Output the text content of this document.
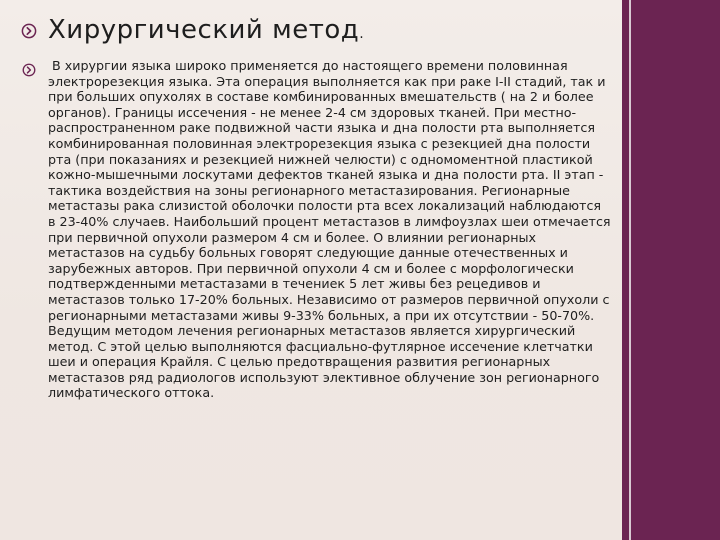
Хирургический метод.

В хирургии языка широко применяется до настоящего времени половинная электрорезекция языка. Эта операция выполняется как при раке I-II стадий, так и при больших опухолях в составе комбинированных вмешательств ( на 2 и более органов). Границы иссечения - не менее 2-4 см здоровых тканей. При местно-распространенном раке подвижной части языка и дна полости рта выполняется комбинированная половинная электрорезекция языка с резекцией дна полости рта (при показаниях и резекцией нижней челюсти) с одномоментной пластикой кожно-мышечными лоскутами дефектов тканей языка и дна полости рта. II этап - тактика воздействия на зоны регионарного метастазирования. Регионарные метастазы рака слизистой оболочки полости рта всех локализаций наблюдаются в 23-40% случаев. Наибольший процент метастазов в лимфоузлах шеи отмечается при первичной опухоли размером 4 см и более. О влиянии регионарных метастазов на судьбу больных говорят следующие данные отечественных и зарубежных авторов. При первичной опухоли 4 см и более с морфологически подтвержденными метастазами в течениек 5 лет живы без рецедивов и метастазов только 17-20% больных. Независимо от размеров первичной опухоли с регионарными метастазами живы 9-33% больных, а при их отсутствии - 50-70%. Ведущим методом лечения регионарных метастазов является хирургический метод. С этой целью выполняются фасциально-футлярное иссечение клетчатки шеи и операция Крайля. С целью предотвращения развития регионарных метастазов ряд радиологов используют элективное облучение зон регионарного лимфатического оттока.
